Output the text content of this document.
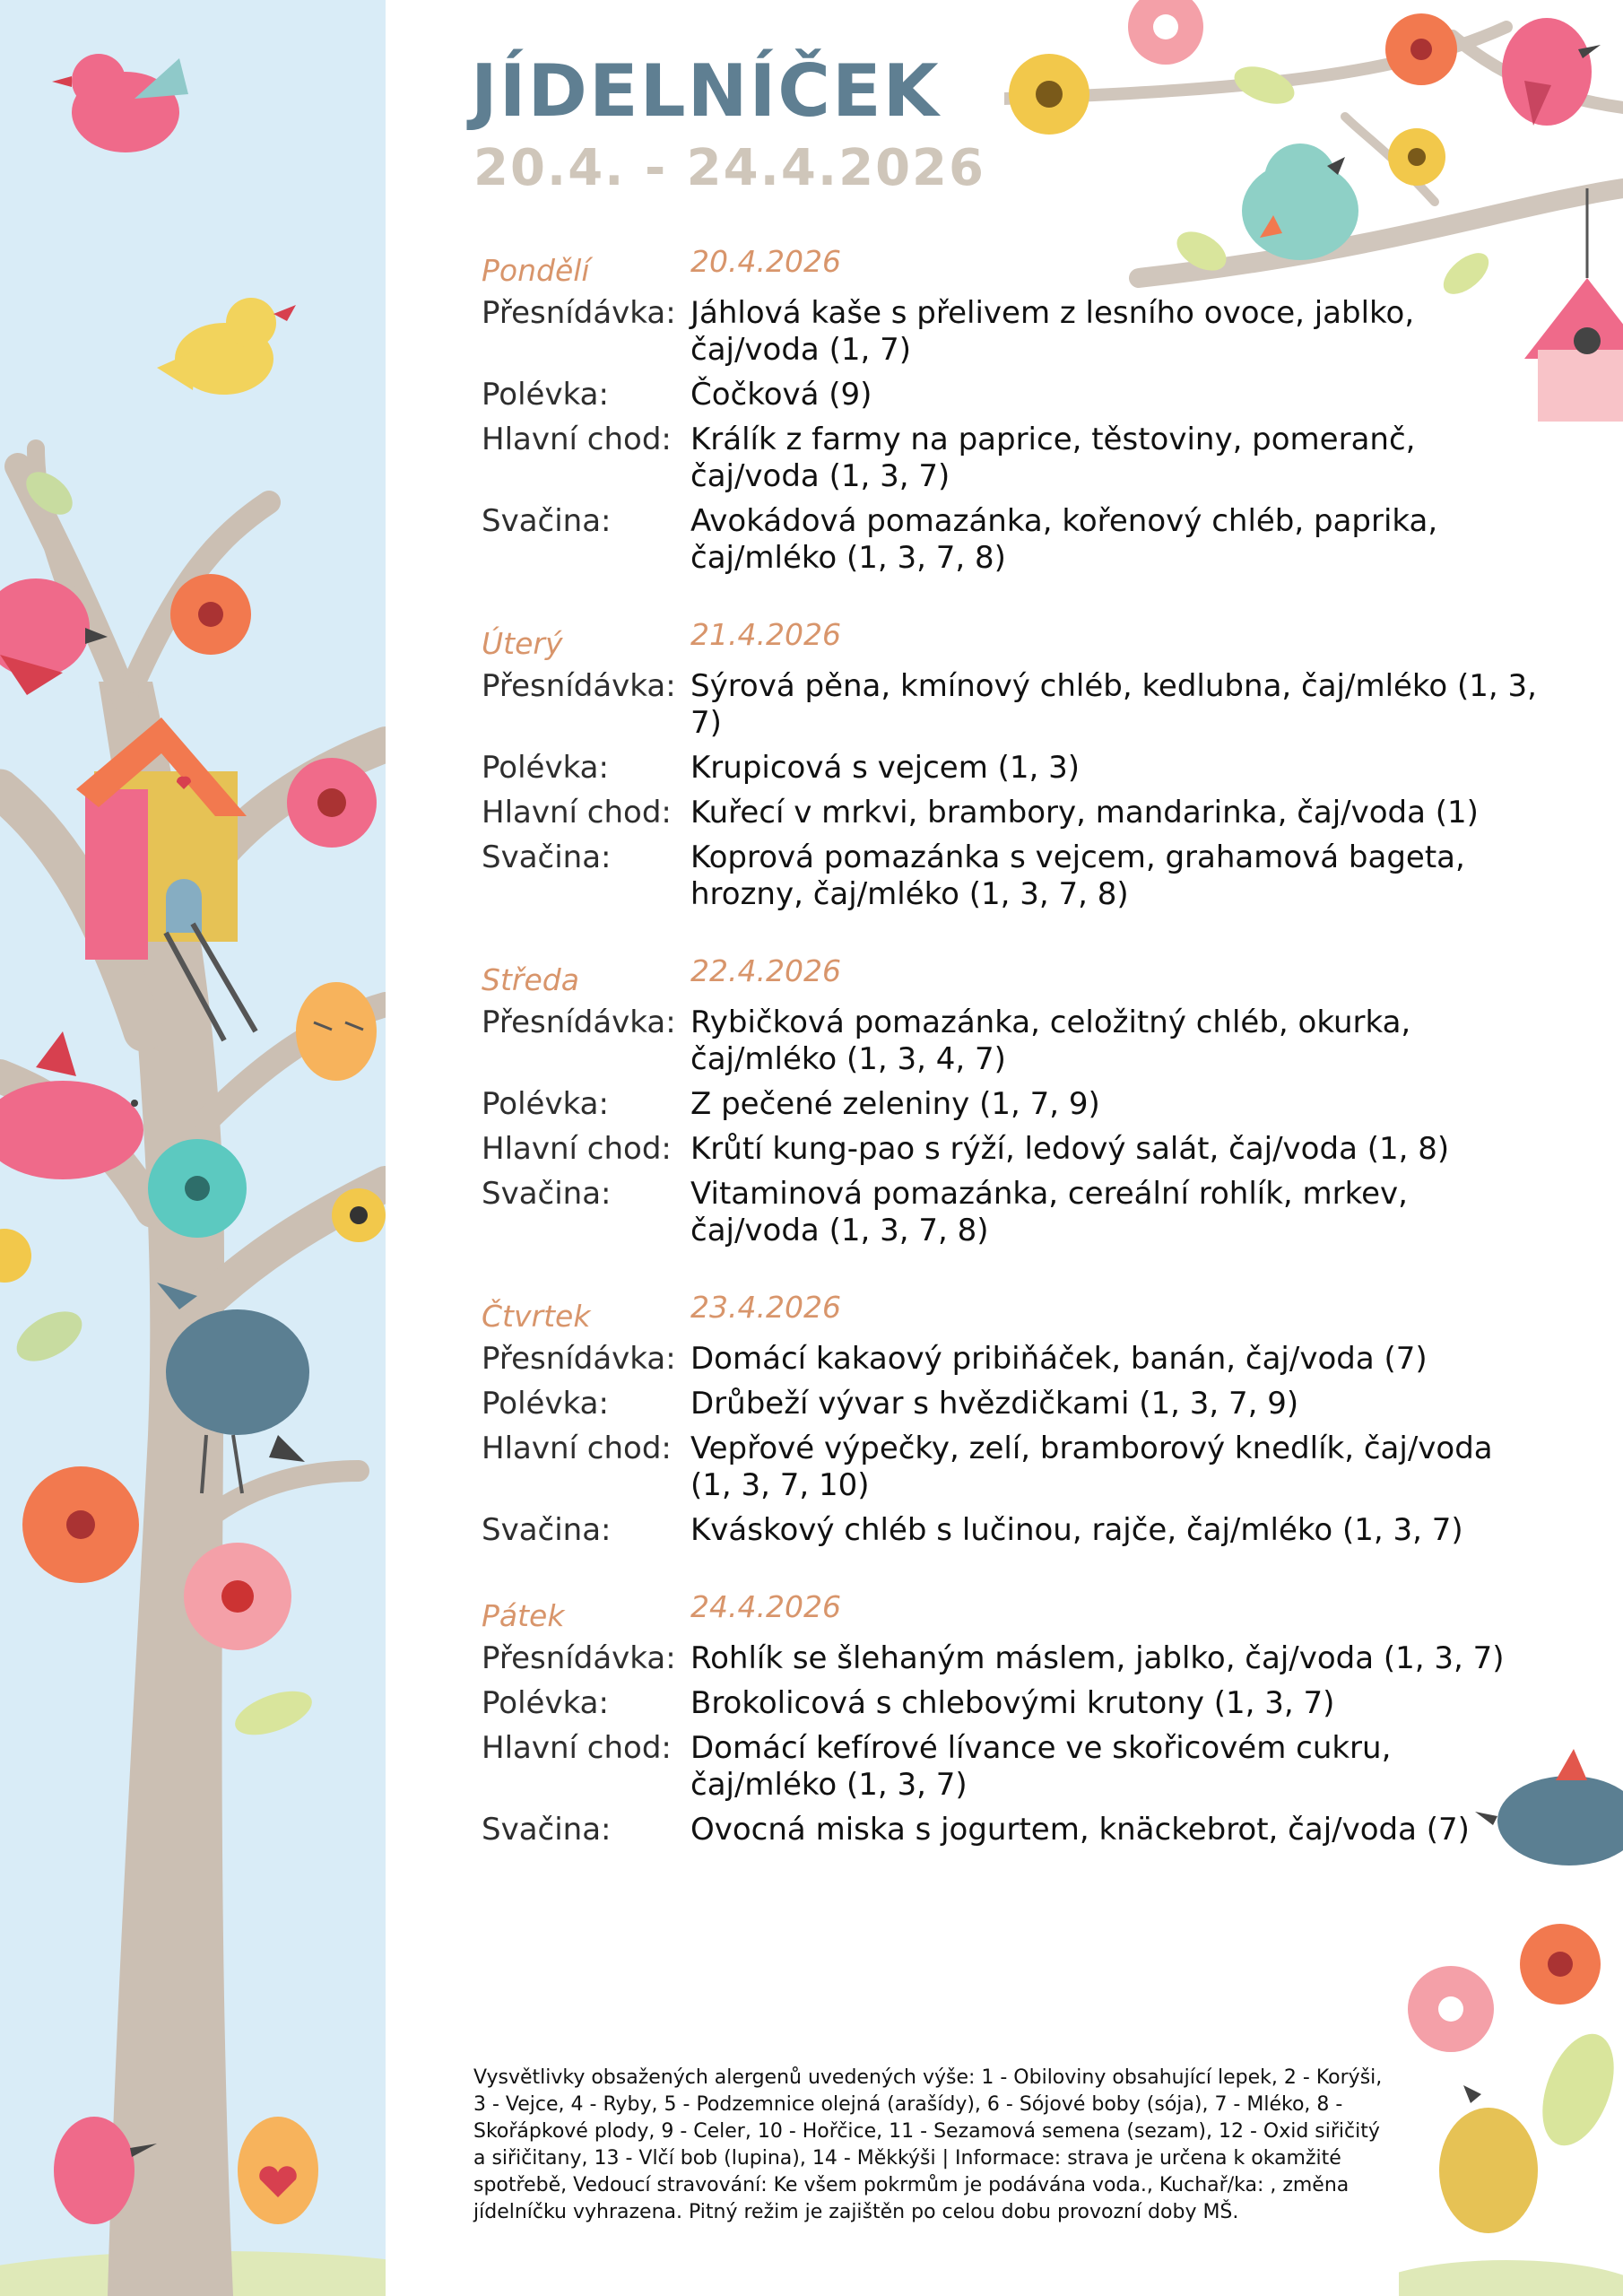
JÍDELNÍČEK
20.4. - 24.4.2026
Pondělí	20.4.2026
Přesnídávka: Jáhlová kaše s přelivem z lesního ovoce, jablko, čaj/voda (1, 7)
Polévka:	Čočková (9)
Hlavní chod: Králík z farmy na paprice, těstoviny, pomeranč, čaj/voda (1, 3, 7)
Svačina:	Avokádová pomazánka, kořenový chléb, paprika, čaj/mléko (1, 3, 7, 8)
Úterý	21.4.2026
Přesnídávka: Sýrová pěna, kmínový chléb, kedlubna, čaj/mléko (1, 3, 7)
Polévka:	Krupicová s vejcem (1, 3)
Hlavní chod: Kuřecí v mrkvi, brambory, mandarinka, čaj/voda (1)
Svačina:	Koprová pomazánka s vejcem, grahamová bageta, hrozny, čaj/mléko (1, 3, 7, 8)
Středa	22.4.2026
Přesnídávka: Rybičková pomazánka, celožitný chléb, okurka, čaj/mléko (1, 3, 4, 7)
Polévka:	Z pečené zeleniny (1, 7, 9)
Hlavní chod: Krůtí kung-pao s rýží, ledový salát, čaj/voda (1, 8)
Svačina:	Vitaminová pomazánka, cereální rohlík, mrkev, čaj/voda (1, 3, 7, 8)
Čtvrtek	23.4.2026
Přesnídávka: Domácí kakaový pribiňáček, banán, čaj/voda (7)
Polévka:	Drůbeží vývar s hvězdičkami (1, 3, 7, 9)
Hlavní chod: Vepřové výpečky, zelí, bramborový knedlík, čaj/voda (1, 3, 7, 10)
Svačina:	Kváskový chléb s lučinou, rajče, čaj/mléko (1, 3, 7)
Pátek	24.4.2026
Přesnídávka: Rohlík se šlehaným máslem, jablko, čaj/voda (1, 3, 7)
Polévka:	Brokolicová s chlebovými krutony (1, 3, 7)
Hlavní chod: Domácí kefírové lívance ve skořicovém cukru, čaj/mléko (1, 3, 7)
Svačina:	Ovocná miska s jogurtem, knäckebrot, čaj/voda (7)
Vysvětlivky obsažených alergenů uvedených výše: 1 - Obiloviny obsahující lepek, 2 - Korýši, 3 - Vejce, 4 - Ryby, 5 - Podzemnice olejná (arašídy), 6 - Sójové boby (sója), 7 - Mléko, 8 - Skořápkové plody, 9 - Celer, 10 - Hořčice, 11 - Sezamová semena (sezam), 12 - Oxid siřičitý a siřičitany, 13 - Vlčí bob (lupina), 14 - Měkkýši | Informace: strava je určena k okamžité spotřebě, Vedoucí stravování: Ke všem pokrmům je podávána voda., Kuchař/ka: , změna jídelníčku vyhrazena. Pitný režim je zajištěn po celou dobu provozní doby MŠ.
